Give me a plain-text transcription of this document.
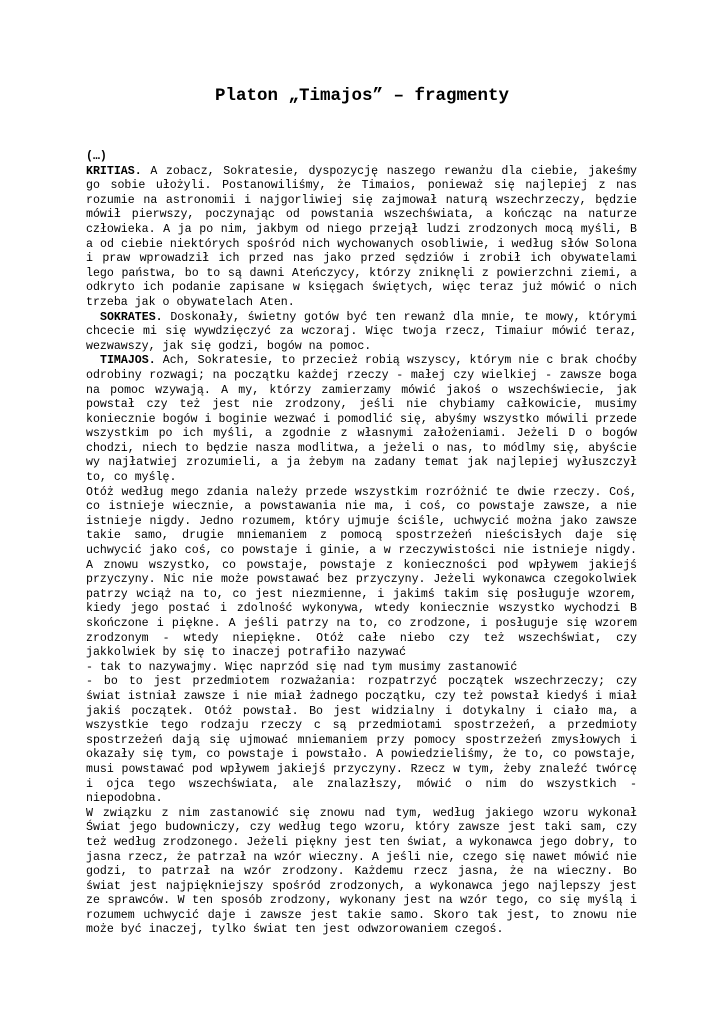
Platon „Timajos” – fragmenty

(…)

KRITIAS. A zobacz, Sokratesie, dyspozycję naszego rewanżu dla ciebie, jakeśmy go sobie ułożyli. Postanowiliśmy, że Timaios, ponieważ się najlepiej z nas rozumie na astronomii i najgorliwiej się zajmował naturą wszechrzeczy, będzie mówił pierwszy, poczynając od powstania wszechświata, a kończąc na naturze człowieka. A ja po nim, jakbym od niego przejął ludzi zrodzonych mocą myśli, B a od ciebie niektórych spośród nich wychowanych osobliwie, i według słów Solona i praw wprowadził ich przed nas jako przed sędziów i zrobił ich obywatelami lego państwa, bo to są dawni Ateńczycy, którzy zniknęli z powierzchni ziemi, a odkryto ich podanie zapisane w księgach świętych, więc teraz już mówić o nich trzeba jak o obywatelach Aten.

SOKRATES. Doskonały, świetny gotów być ten rewanż dla mnie, te mowy, którymi chcecie mi się wywdzięczyć za wczoraj. Więc twoja rzecz, Timaiur mówić teraz, wezwawszy, jak się godzi, bogów na pomoc.

TIMAJOS. Ach, Sokratesie, to przecież robią wszyscy, którym nie c brak choćby odrobiny rozwagi; na początku każdej rzeczy - małej czy wielkiej - zawsze boga na pomoc wzywają. A my, którzy zamierzamy mówić jakoś o wszechświecie, jak powstał czy też jest nie zrodzony, jeśli nie chybiamy całkowicie, musimy koniecznie bogów i boginie wezwać i pomodlić się, abyśmy wszystko mówili przede wszystkim po ich myśli, a zgodnie z własnymi założeniami. Jeżeli D o bogów chodzi, niech to będzie nasza modlitwa, a jeżeli o nas, to módlmy się, abyście wy najłatwiej zrozumieli, a ja żebym na zadany temat jak najlepiej wyłuszczył to, co myślę.

Otóż według mego zdania należy przede wszystkim rozróżnić te dwie rzeczy. Coś, co istnieje wiecznie, a powstawania nie ma, i coś, co powstaje zawsze, a nie istnieje nigdy. Jedno rozumem, który ujmuje ściśle, uchwycić można jako zawsze takie samo, drugie mniemaniem z pomocą spostrzeżeń nieścisłych daje się uchwycić jako coś, co powstaje i ginie, a w rzeczywistości nie istnieje nigdy. A znowu wszystko, co powstaje, powstaje z konieczności pod wpływem jakiejś przyczyny. Nic nie może powstawać bez przyczyny. Jeżeli wykonawca czegokolwiek patrzy wciąż na to, co jest niezmienne, i jakimś takim się posługuje wzorem, kiedy jego postać i zdolność wykonywa, wtedy koniecznie wszystko wychodzi B skończone i piękne. A jeśli patrzy na to, co zrodzone, i posługuje się wzorem zrodzonym - wtedy niepiękne. Otóż całe niebo czy też wszechświat, czy jakkolwiek by się to inaczej potrafiło nazywać

- tak to nazywajmy. Więc naprzód się nad tym musimy zastanowić

- bo to jest przedmiotem rozważania: rozpatrzyć początek wszechrzeczy; czy świat istniał zawsze i nie miał żadnego początku, czy też powstał kiedyś i miał jakiś początek. Otóż powstał. Bo jest widzialny i dotykalny i ciało ma, a wszystkie tego rodzaju rzeczy c są przedmiotami spostrzeżeń, a przedmioty spostrzeżeń dają się ujmować mniemaniem przy pomocy spostrzeżeń zmysłowych i okazały się tym, co powstaje i powstało. A powiedzieliśmy, że to, co powstaje, musi powstawać pod wpływem jakiejś przyczyny. Rzecz w tym, żeby znaleźć twórcę i ojca tego wszechświata, ale znalazłszy, mówić o nim do wszystkich - niepodobna.

W związku z nim zastanowić się znowu nad tym, według jakiego wzoru wykonał Świat jego budowniczy, czy według tego wzoru, który zawsze jest taki sam, czy też według zrodzonego. Jeżeli piękny jest ten świat, a wykonawca jego dobry, to jasna rzecz, że patrzał na wzór wieczny. A jeśli nie, czego się nawet mówić nie godzi, to patrzał na wzór zrodzony. Każdemu rzecz jasna, że na wieczny. Bo świat jest najpiękniejszy spośród zrodzonych, a wykonawca jego najlepszy jest ze sprawców. W ten sposób zrodzony, wykonany jest na wzór tego, co się myślą i rozumem uchwycić daje i zawsze jest takie samo. Skoro tak jest, to znowu nie może być inaczej, tylko świat ten jest odwzorowaniem czegoś.
